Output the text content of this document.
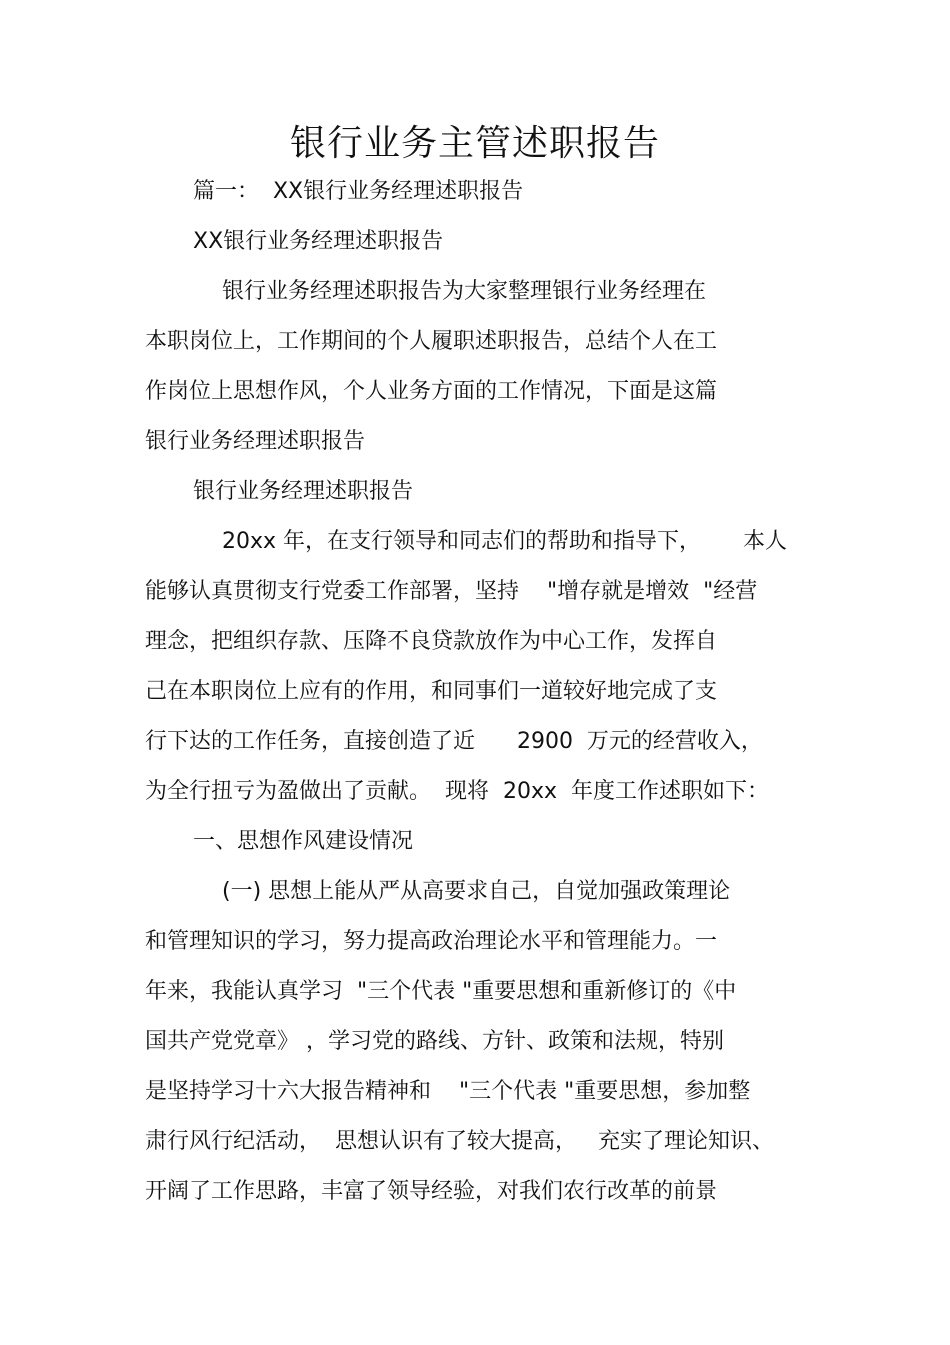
银行业务主管述职报告
篇一：  XX银行业务经理述职报告
XX银行业务经理述职报告
银行业务经理述职报告为大家整理银行业务经理在
本职岗位上，工作期间的个人履职述职报告，总结个人在工
作岗位上思想作风，个人业务方面的工作情况，下面是这篇
银行业务经理述职报告
银行业务经理述职报告
20xx 年，在支行领导和同志们的帮助和指导下，      本人
能够认真贯彻支行党委工作部署，坚持    "增存就是增效  "经营
理念，把组织存款、压降不良贷款放作为中心工作，发挥自
己在本职岗位上应有的作用，和同事们一道较好地完成了支
行下达的工作任务，直接创造了近      2900  万元的经营收入，
为全行扭亏为盈做出了贡献。  现将  20xx  年度工作述职如下：
一、思想作风建设情况
(一) 思想上能从严从高要求自己，自觉加强政策理论
和管理知识的学习，努力提高政治理论水平和管理能力。一
年来，我能认真学习  "三个代表 "重要思想和重新修订的《中
国共产党党章》 ，学习党的路线、方针、政策和法规，特别
是坚持学习十六大报告精神和    "三个代表 "重要思想，参加整
肃行风行纪活动，  思想认识有了较大提高，   充实了理论知识、
开阔了工作思路，丰富了领导经验，对我们农行改革的前景
